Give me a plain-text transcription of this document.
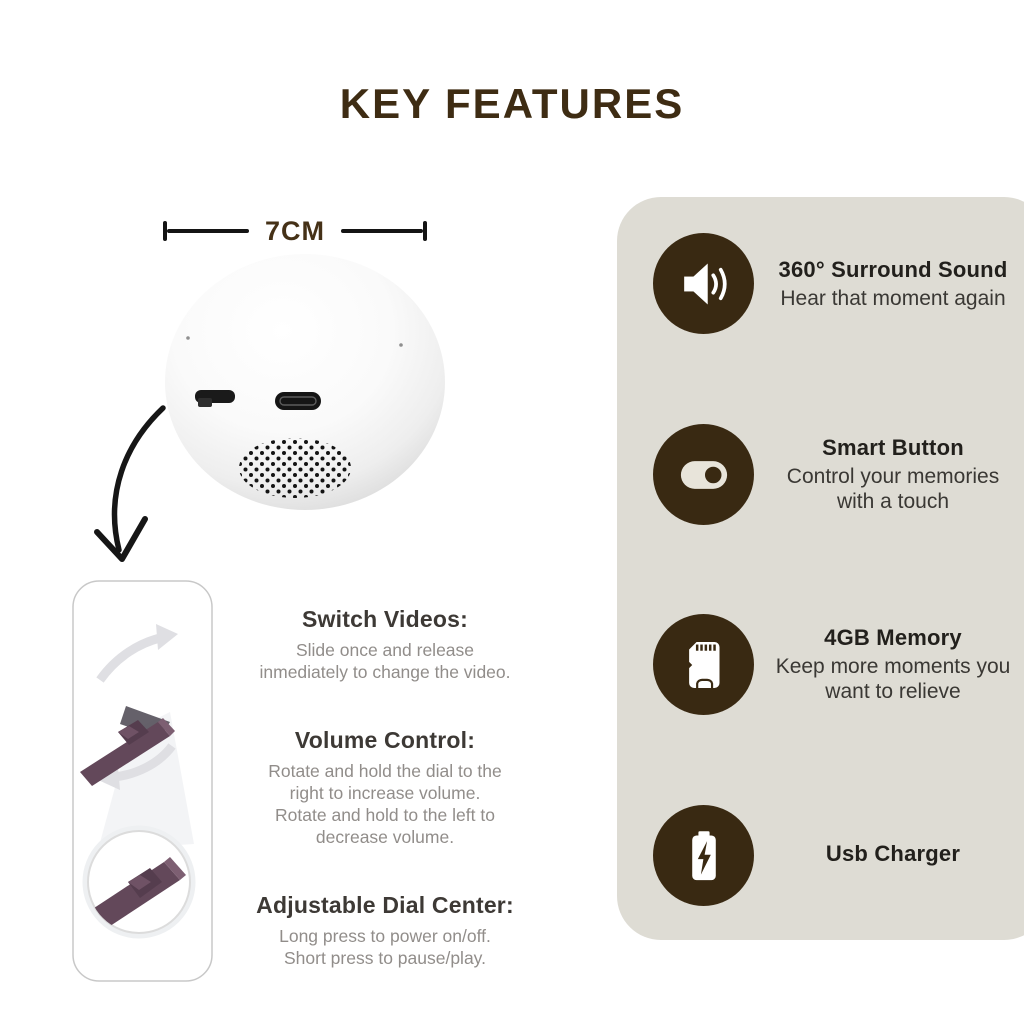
KEY FEATURES
7CM
Switch Videos:
Slide once and release
inmediately to change the video.
Volume Control:
Rotate and hold the dial to the
right to increase volume.
Rotate and hold to the left to
decrease volume.
Adjustable Dial Center:
Long press to power on/off.
Short press to pause/play.
360° Surround Sound
Hear that moment again
Smart Button
Control your memories
with a touch
4GB Memory
Keep more moments you
want to relieve
Usb Charger
